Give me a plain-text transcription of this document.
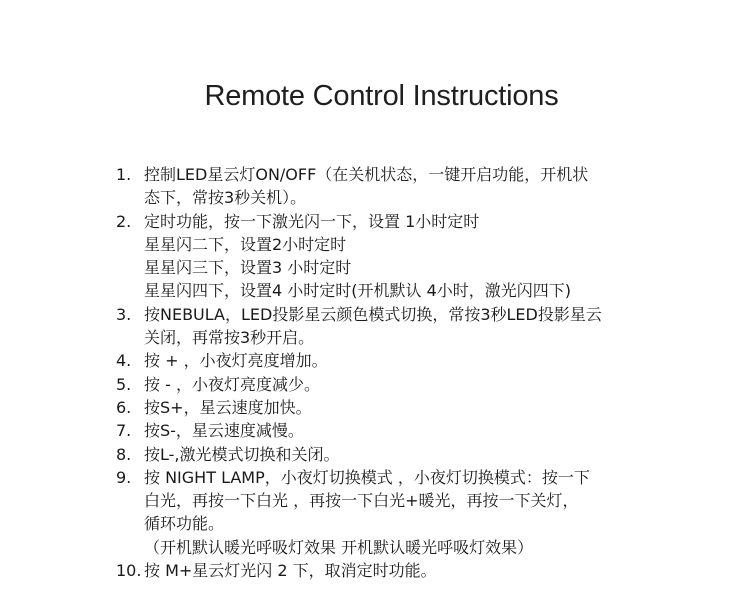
Remote Control Instructions
1. 控制LED星云灯ON/OFF（在关机状态，一键开启功能，开机状
态下，常按3秒关机）。
2. 定时功能，按一下激光闪一下，设置 1小时定时
星星闪二下，设置2小时定时
星星闪三下，设置3 小时定时
星星闪四下，设置4 小时定时(开机默认 4小时，激光闪四下)
3. 按NEBULA，LED投影星云颜色模式切换，常按3秒LED投影星云
关闭，再常按3秒开启。
4. 按 + ，小夜灯亮度增加。
5. 按 - ，小夜灯亮度减少。
6. 按S+，星云速度加快。
7. 按S-，星云速度减慢。
8. 按L-,激光模式切换和关闭。
9. 按 NIGHT LAMP，小夜灯切换模式 ，小夜灯切换模式：按一下
白光，再按一下白光 ，再按一下白光+暖光，再按一下关灯，
循环功能。
（开机默认暖光呼吸灯效果 开机默认暖光呼吸灯效果）
10. 按 M+星云灯光闪 2 下，取消定时功能。
